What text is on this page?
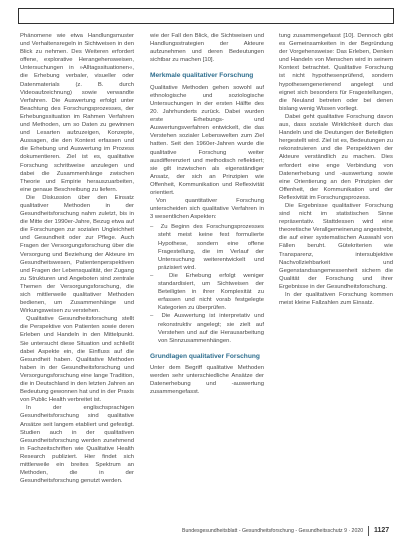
Phänomene wie etwa Handlungsmuster und Verhaltensregeln in Sichtweisen in den Blick zu nehmen. Des Weiteren erfordert offene, explorative Herangehensweisen, Untersuchungen in »Alltagssituationen«, die Erhebung verbaler, visueller oder Datenmaterials (z. B. durch Videoaufzeichnung) sowie verwandte Verfahren. Die Auswertung erfolgt unter Beachtung des Forschungsprozesses, der Erhebungssituation im Rahmen Verfahren und Methoden, um so Daten zu gewinnen und Lesarten aufzuzeigen, Konzepte, Aussagen, die den Kontext erfassen und die Erhebung und Auswertung im Prozess dokumentieren. Ziel ist es, qualitative Forschung schrittweise anzulegen und dabei die Zusammenhänge zwischen Theorie und Empirie herauszuarbeiten, eine genaue Beschreibung zu liefern.

Die Diskussion über den Einsatz qualitativer Methoden in der Gesundheitsforschung nahm zuletzt, bis in die Mitte der 1990er-Jahre, Bezug etwa auf die Forschungen zur sozialen Ungleichheit und Gesundheit oder zur Pflege. Auch Fragen der Versorgungsforschung über die Versorgung und Beziehung der Akteure im Gesundheitswesen, Patientenperspektiven und Fragen der Lebensqualität, der Zugang zu Strukturen und Angeboten sind zentrale Themen der Versorgungsforschung, die sich mittlerweile qualitativer Methoden bedienen, um Zusammenhänge und Wirkungsweisen zu verstehen.

Qualitative Gesundheitsforschung stellt die Perspektive von Patienten sowie deren Erleben und Handeln in den Mittelpunkt. Sie untersucht diese Situation und schließt dabei Aspekte ein, die Einfluss auf die Gesundheit haben. Qualitative Methoden haben in der Gesundheitsforschung und Versorgungsforschung eine lange Tradition, die in Deutschland in den letzten Jahren an Bedeutung gewonnen hat und in der Praxis von Public Health verbreitet ist.

In der englischsprachigen Gesundheitsforschung sind qualitative Ansätze seit langem etabliert und gefestigt. Studien auch in der qualitativen Gesundheitsforschung werden zunehmend in Fachzeitschriften wie Qualitative Health Research publiziert. Hier findet sich mittlerweile ein breites Spektrum an Methoden, die in der Gesundheitsforschung genutzt werden.

wie der Fall den Blick, die Sichtweisen und Handlungsstrategien der Akteure aufzunehmen und deren Bedeutungen sichtbar zu machen [10].

Merkmale qualitativer Forschung

Qualitative Methoden gehen sowohl auf ethnologische und soziologische Untersuchungen in der ersten Hälfte des 20. Jahrhunderts zurück. Dabei wurden erste Erhebungs- und Auswertungsverfahren entwickelt, die das Verstehen sozialer Lebenswelten zum Ziel hatten. Seit den 1960er-Jahren wurde die qualitative Forschung weiter ausdifferenziert und methodisch reflektiert; sie gilt inzwischen als eigenständiger Ansatz, der sich an Prinzipien wie Offenheit, Kommunikation und Reflexivität orientiert.

Von quantitativer Forschung unterscheiden sich qualitative Verfahren in 3 wesentlichen Aspekten:

–  Zu Beginn des Forschungsprozesses steht meist keine fest formulierte Hypothese, sondern eine offene Fragestellung, die im Verlauf der Untersuchung weiterentwickelt und präzisiert wird.
–  Die Erhebung erfolgt weniger standardisiert, um Sichtweisen der Beteiligten in ihrer Komplexität zu erfassen und nicht vorab festgelegte Kategorien zu überprüfen.
–  Die Auswertung ist interpretativ und rekonstruktiv angelegt; sie zielt auf Verstehen und auf die Herausarbeitung von Sinnzusammenhängen.
Grundlagen qualitativer Forschung

Unter dem Begriff qualitative Methoden werden sehr unterschiedliche Ansätze der Datenerhebung und -auswertung zusammengefasst.

tung zusammengefasst [10]. Dennoch gibt es Gemeinsamkeiten in der Begründung der Vorgehensweise: Das Erleben, Denken und Handeln von Menschen wird in seinem Kontext betrachtet. Qualitative Forschung ist nicht hypothesenprüfend, sondern hypothesengenerierend angelegt und eignet sich besonders für Fragestellungen, die Neuland betreten oder bei denen bislang wenig Wissen vorliegt.

Dabei geht qualitative Forschung davon aus, dass soziale Wirklichkeit durch das Handeln und die Deutungen der Beteiligten hergestellt wird. Ziel ist es, Bedeutungen zu rekonstruieren und die Perspektiven der Akteure verständlich zu machen. Dies erfordert eine enge Verbindung von Datenerhebung und -auswertung sowie eine Orientierung an den Prinzipien der Offenheit, der Kommunikation und der Reflexivität im Forschungsprozess.

Die Ergebnisse qualitativer Forschung sind nicht im statistischen Sinne repräsentativ. Stattdessen wird eine theoretische Verallgemeinerung angestrebt, die auf einer systematischen Auswahl von Fällen beruht. Gütekriterien wie Transparenz, intersubjektive Nachvollziehbarkeit und Gegenstandsangemessenheit sichern die Qualität der Forschung und ihrer Ergebnisse in der Gesundheitsforschung.

In der qualitativen Forschung kommen meist kleine Fallzahlen zum Einsatz.

Bundesgesundheitsblatt - Gesundheitsforschung - Gesundheitsschutz 9 · 2020 1127
